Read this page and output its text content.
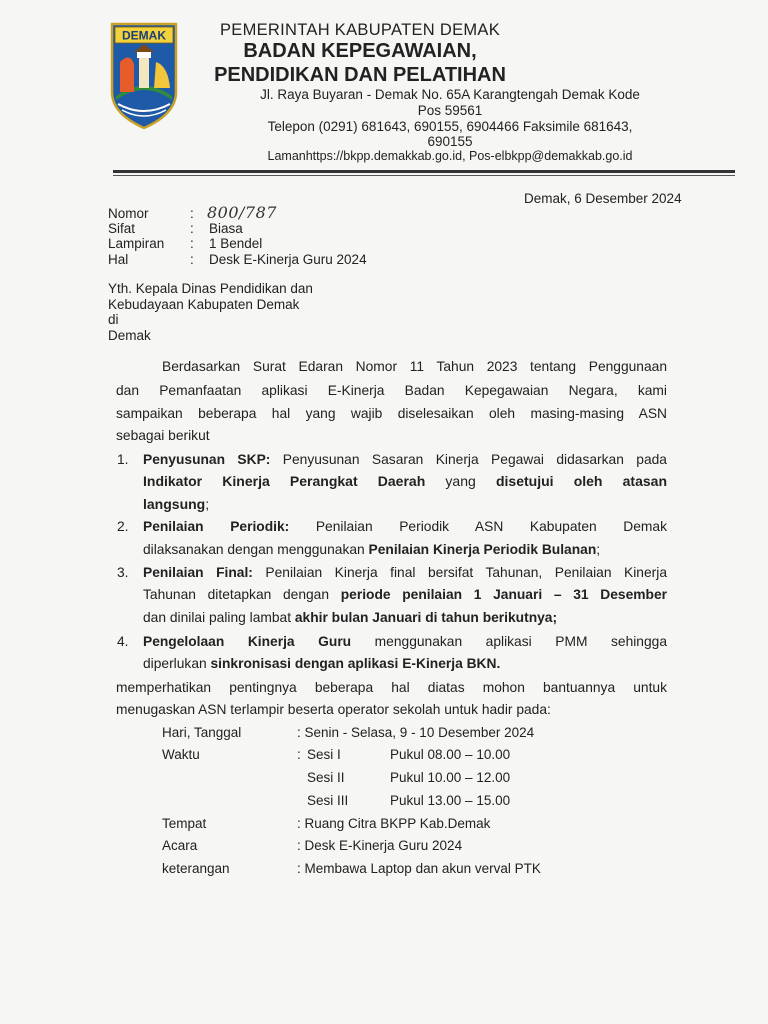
DEMAK	PEMERINTAH KABUPATEN DEMAK
BADAN KEPEGAWAIAN,
PENDIDIKAN DAN PELATIHAN
Jl. Raya Buyaran - Demak No. 65A Karangtengah Demak Kode
Pos 59561
Telepon (0291) 681643, 690155, 6904466 Faksimile 681643,
690155
Lamanhttps://bkpp.demakkab.go.id, Pos-elbkpp@demakkab.go.id
Demak, 6 Desember 2024
Nomor	: 800/787
Sifat	: Biasa
Lampiran : 1 Bendel
Hal	: Desk E-Kinerja Guru 2024
Yth. Kepala Dinas Pendidikan dan
Kebudayaan Kabupaten Demak
di
Demak
Berdasarkan Surat Edaran Nomor 11 Tahun 2023 tentang Penggunaan
dan Pemanfaatan aplikasi E-Kinerja Badan Kepegawaian Negara, kami
sampaikan beberapa hal yang wajib diselesaikan oleh masing-masing ASN
sebagai berikut
1. Penyusunan SKP: Penyusunan Sasaran Kinerja Pegawai didasarkan pada
Indikator Kinerja Perangkat Daerah yang disetujui oleh atasan
langsung;
2. Penilaian Periodik: Penilaian Periodik ASN Kabupaten Demak
dilaksanakan dengan menggunakan Penilaian Kinerja Periodik Bulanan;
3. Penilaian Final: Penilaian Kinerja final bersifat Tahunan, Penilaian Kinerja
Tahunan ditetapkan dengan periode penilaian 1 Januari – 31 Desember
dan dinilai paling lambat akhir bulan Januari di tahun berikutnya;
4. Pengelolaan Kinerja Guru menggunakan aplikasi PMM sehingga
diperlukan sinkronisasi dengan aplikasi E-Kinerja BKN.
memperhatikan pentingnya beberapa hal diatas mohon bantuannya untuk
menugaskan ASN terlampir beserta operator sekolah untuk hadir pada:
Hari, Tanggal	: Senin - Selasa, 9 - 10 Desember 2024
Waktu	: Sesi I	Pukul 08.00 – 10.00
Sesi II	Pukul 10.00 – 12.00
Sesi III	Pukul 13.00 – 15.00
Tempat	: Ruang Citra BKPP Kab.Demak
Acara	: Desk E-Kinerja Guru 2024
keterangan	: Membawa Laptop dan akun verval PTK
